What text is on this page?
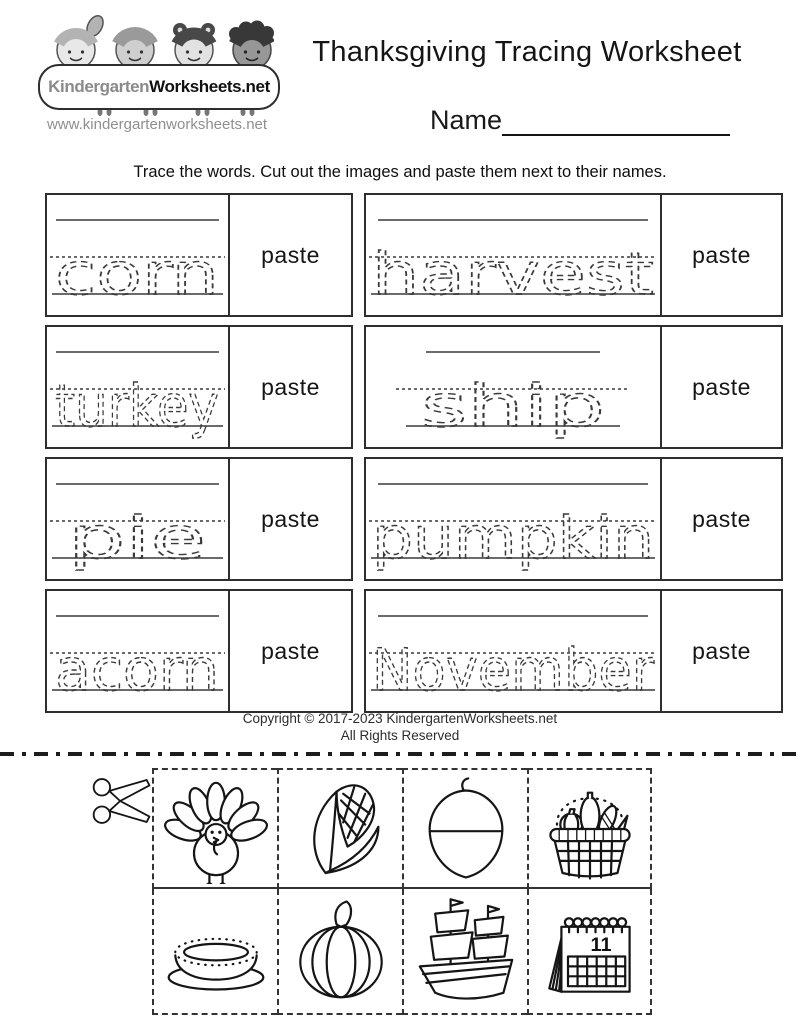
KindergartenWorksheets.net
www.kindergartenworksheets.net
Thanksgiving Tracing Worksheet
Name
Trace the words. Cut out the images and paste them next to their names.
corn paste harvest paste
turkey paste ship	paste
pie paste pumpkin paste
acorn paste November paste
Copyright © 2017-2023 KindergartenWorksheets.net
All Rights Reserved
11
